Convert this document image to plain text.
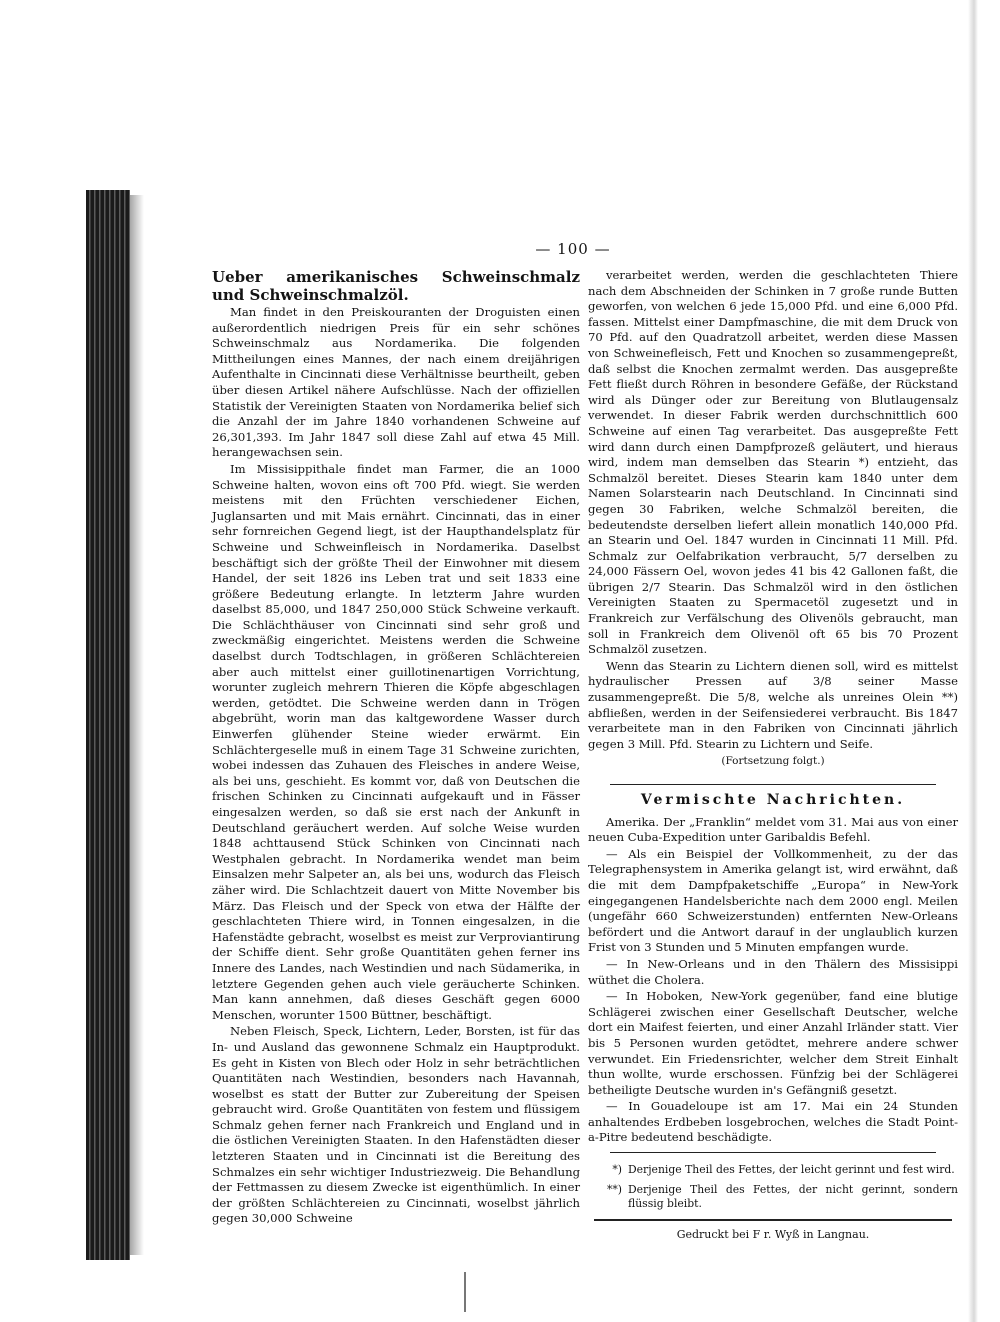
— 100 —

Ueber amerikanisches Schweinschmalz und Schweinschmalzöl.

Man findet in den Preiskouranten der Droguisten einen außerordentlich niedrigen Preis für ein sehr schönes Schweinschmalz aus Nordamerika. Die folgenden Mittheilungen eines Mannes, der nach einem dreijährigen Aufenthalte in Cincinnati diese Verhältnisse beurtheilt, geben über diesen Artikel nähere Aufschlüsse. Nach der offiziellen Statistik der Vereinigten Staaten von Nordamerika belief sich die Anzahl der im Jahre 1840 vorhandenen Schweine auf 26,301,393. Im Jahr 1847 soll diese Zahl auf etwa 45 Mill. herangewachsen sein.

Im Missisippithale findet man Farmer, die an 1000 Schweine halten, wovon eins oft 700 Pfd. wiegt. Sie werden meistens mit den Früchten verschiedener Eichen, Juglansarten und mit Mais ernährt. Cincinnati, das in einer sehr fornreichen Gegend liegt, ist der Haupthandelsplatz für Schweine und Schweinfleisch in Nordamerika. Daselbst beschäftigt sich der größte Theil der Einwohner mit diesem Handel, der seit 1826 ins Leben trat und seit 1833 eine größere Bedeutung erlangte. In letzterm Jahre wurden daselbst 85,000, und 1847 250,000 Stück Schweine verkauft. Die Schlächthäuser von Cincinnati sind sehr groß und zweckmäßig eingerichtet. Meistens werden die Schweine daselbst durch Todtschlagen, in größeren Schlächtereien aber auch mittelst einer guillotinenartigen Vorrichtung, worunter zugleich mehrern Thieren die Köpfe abgeschlagen werden, getödtet. Die Schweine werden dann in Trögen abgebrüht, worin man das kaltgewordene Wasser durch Einwerfen glühender Steine wieder erwärmt. Ein Schlächtergeselle muß in einem Tage 31 Schweine zurichten, wobei indessen das Zuhauen des Fleisches in andere Weise, als bei uns, geschieht. Es kommt vor, daß von Deutschen die frischen Schinken zu Cincinnati aufgekauft und in Fässer eingesalzen werden, so daß sie erst nach der Ankunft in Deutschland geräuchert werden. Auf solche Weise wurden 1848 achttausend Stück Schinken von Cincinnati nach Westphalen gebracht. In Nordamerika wendet man beim Einsalzen mehr Salpeter an, als bei uns, wodurch das Fleisch zäher wird. Die Schlachtzeit dauert von Mitte November bis März. Das Fleisch und der Speck von etwa der Hälfte der geschlachteten Thiere wird, in Tonnen eingesalzen, in die Hafenstädte gebracht, woselbst es meist zur Verproviantirung der Schiffe dient. Sehr große Quantitäten gehen ferner ins Innere des Landes, nach Westindien und nach Südamerika, in letztere Gegenden gehen auch viele geräucherte Schinken. Man kann annehmen, daß dieses Geschäft gegen 6000 Menschen, worunter 1500 Büttner, beschäftigt.

Neben Fleisch, Speck, Lichtern, Leder, Borsten, ist für das In- und Ausland das gewonnene Schmalz ein Hauptprodukt. Es geht in Kisten von Blech oder Holz in sehr beträchtlichen Quantitäten nach Westindien, besonders nach Havannah, woselbst es statt der Butter zur Zubereitung der Speisen gebraucht wird. Große Quantitäten von festem und flüssigem Schmalz gehen ferner nach Frankreich und England und in die östlichen Vereinigten Staaten. In den Hafenstädten dieser letzteren Staaten und in Cincinnati ist die Bereitung des Schmalzes ein sehr wichtiger Industriezweig. Die Behandlung der Fettmassen zu diesem Zwecke ist eigenthümlich. In einer der größten Schlächtereien zu Cincinnati, woselbst jährlich gegen 30,000 Schweine

verarbeitet werden, werden die geschlachteten Thiere nach dem Abschneiden der Schinken in 7 große runde Butten geworfen, von welchen 6 jede 15,000 Pfd. und eine 6,000 Pfd. fassen. Mittelst einer Dampfmaschine, die mit dem Druck von 70 Pfd. auf den Quadratzoll arbeitet, werden diese Massen von Schweinefleisch, Fett und Knochen so zusammengepreßt, daß selbst die Knochen zermalmt werden. Das ausgepreßte Fett fließt durch Röhren in besondere Gefäße, der Rückstand wird als Dünger oder zur Bereitung von Blutlaugensalz verwendet. In dieser Fabrik werden durchschnittlich 600 Schweine auf einen Tag verarbeitet. Das ausgepreßte Fett wird dann durch einen Dampfprozeß geläutert, und hieraus wird, indem man demselben das Stearin *) entzieht, das Schmalzöl bereitet. Dieses Stearin kam 1840 unter dem Namen Solarstearin nach Deutschland. In Cincinnati sind gegen 30 Fabriken, welche Schmalzöl bereiten, die bedeutendste derselben liefert allein monatlich 140,000 Pfd. an Stearin und Oel. 1847 wurden in Cincinnati 11 Mill. Pfd. Schmalz zur Oelfabrikation verbraucht, 5/7 derselben zu 24,000 Fässern Oel, wovon jedes 41 bis 42 Gallonen faßt, die übrigen 2/7 Stearin. Das Schmalzöl wird in den östlichen Vereinigten Staaten zu Spermacetöl zugesetzt und in Frankreich zur Verfälschung des Olivenöls gebraucht, man soll in Frankreich dem Olivenöl oft 65 bis 70 Prozent Schmalzöl zusetzen.

Wenn das Stearin zu Lichtern dienen soll, wird es mittelst hydraulischer Pressen auf 3/8 seiner Masse zusammengepreßt. Die 5/8, welche als unreines Olein **) abfließen, werden in der Seifensiederei verbraucht. Bis 1847 verarbeitete man in den Fabriken von Cincinnati jährlich gegen 3 Mill. Pfd. Stearin zu Lichtern und Seife.

(Fortsetzung folgt.)

Vermischte Nachrichten.

Amerika. Der „Franklin“ meldet vom 31. Mai aus von einer neuen Cuba-Expedition unter Garibaldis Befehl.

— Als ein Beispiel der Vollkommenheit, zu der das Telegraphensystem in Amerika gelangt ist, wird erwähnt, daß die mit dem Dampfpaketschiffe „Europa“ in New-York eingegangenen Handelsberichte nach dem 2000 engl. Meilen (ungefähr 660 Schweizerstunden) entfernten New-Orleans befördert und die Antwort darauf in der unglaublich kurzen Frist von 3 Stunden und 5 Minuten empfangen wurde.

— In New-Orleans und in den Thälern des Missisippi wüthet die Cholera.

— In Hoboken, New-York gegenüber, fand eine blutige Schlägerei zwischen einer Gesellschaft Deutscher, welche dort ein Maifest feierten, und einer Anzahl Irländer statt. Vier bis 5 Personen wurden getödtet, mehrere andere schwer verwundet. Ein Friedensrichter, welcher dem Streit Einhalt thun wollte, wurde erschossen. Fünfzig bei der Schlägerei betheiligte Deutsche wurden in's Gefängniß gesetzt.

— In Gouadeloupe ist am 17. Mai ein 24 Stunden anhaltendes Erdbeben losgebrochen, welches die Stadt Point-a-Pitre bedeutend beschädigte.

*) Derjenige Theil des Fettes, der leicht gerinnt und fest wird.
**) Derjenige Theil des Fettes, der nicht gerinnt, sondern flüssig bleibt.
Gedruckt bei F r. Wyß in Langnau.
